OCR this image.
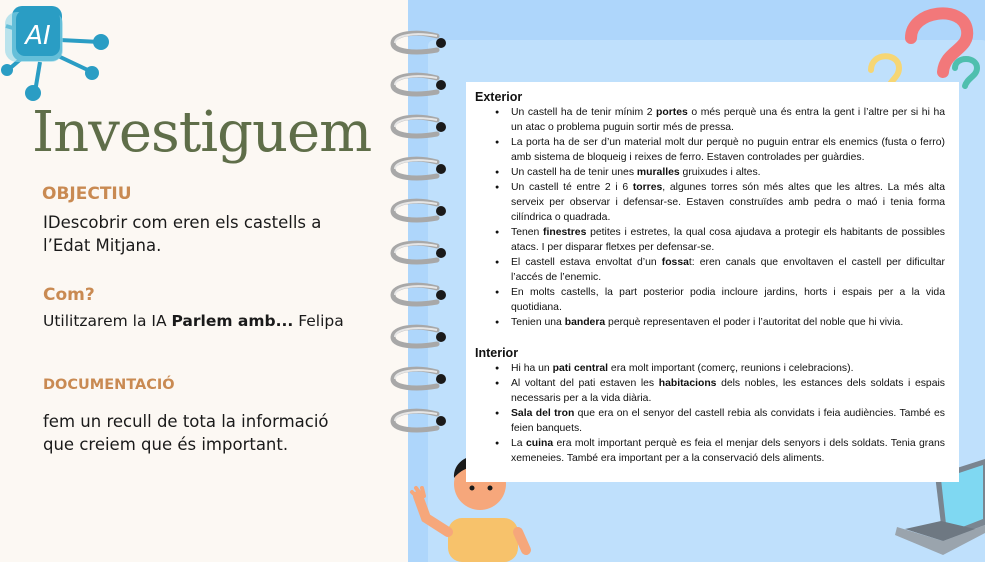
AI
Investiguem
OBJECTIU
IDescobrir com eren els castells a l’Edat Mitjana.
Com?
Utilitzarem la IA Parlem amb... Felipa
DOCUMENTACIÓ
fem un recull de tota la informació que creiem que és important.
Exterior
● Un castell ha de tenir mínim 2 portes o més perquè una és entra la gent i l’altre per si hi ha un atac o problema puguin sortir més de pressa.
● La porta ha de ser d’un material molt dur perquè no puguin entrar els enemics (fusta o ferro) amb sistema de bloqueig i reixes de ferro. Estaven controlades per guàrdies.
● Un castell ha de tenir unes muralles gruixudes i altes.
● Un castell té entre 2 i 6 torres, algunes torres són més altes que les altres. La més alta serveix per observar i defensar-se. Estaven construïdes amb pedra o maó i tenia forma cilíndrica o quadrada.
● Tenen finestres petites i estretes, la qual cosa ajudava a protegir els habitants de possibles atacs. I per disparar fletxes per defensar-se.
● El castell estava envoltat d’un fossat: eren canals que envoltaven el castell per dificultar l’accés de l’enemic.
● En molts castells, la part posterior podia incloure jardins, horts i espais per a la vida quotidiana.
● Tenien una bandera perquè representaven el poder i l’autoritat del noble que hi vivia.
Interior
● Hi ha un pati central era molt important (comerç, reunions i celebracions).
● Al voltant del pati estaven les habitacions dels nobles, les estances dels soldats i espais necessaris per a la vida diària.
● Sala del tron que era on el senyor del castell rebia als convidats i feia audiències. També es feien banquets.
● La cuina era molt important perquè es feia el menjar dels senyors i dels soldats. Tenia grans xemeneies. També era important per a la conservació dels aliments.
